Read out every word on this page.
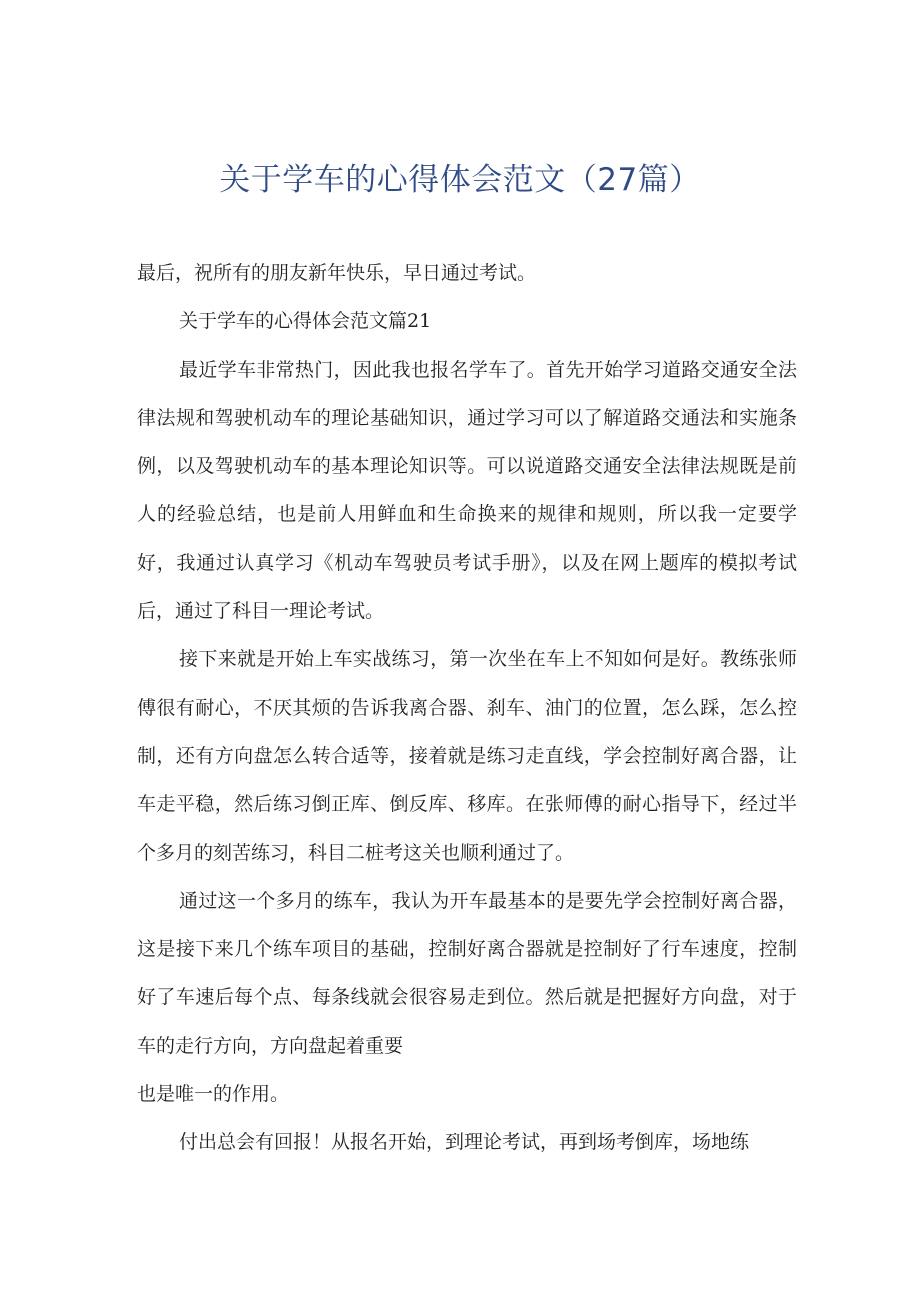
关于学车的心得体会范文（27篇）

最后，祝所有的朋友新年快乐，早日通过考试。

关于学车的心得体会范文篇21

最近学车非常热门，因此我也报名学车了。首先开始学习道路交通安全法律法规和驾驶机动车的理论基础知识，通过学习可以了解道路交通法和实施条例，以及驾驶机动车的基本理论知识等。可以说道路交通安全法律法规既是前人的经验总结，也是前人用鲜血和生命换来的规律和规则，所以我一定要学好，我通过认真学习《机动车驾驶员考试手册》，以及在网上题库的模拟考试后，通过了科目一理论考试。

接下来就是开始上车实战练习，第一次坐在车上不知如何是好。教练张师傅很有耐心，不厌其烦的告诉我离合器、刹车、油门的位置，怎么踩，怎么控制，还有方向盘怎么转合适等，接着就是练习走直线，学会控制好离合器，让车走平稳，然后练习倒正库、倒反库、移库。在张师傅的耐心指导下，经过半个多月的刻苦练习，科目二桩考这关也顺利通过了。

通过这一个多月的练车，我认为开车最基本的是要先学会控制好离合器，这是接下来几个练车项目的基础，控制好离合器就是控制好了行车速度，控制好了车速后每个点、每条线就会很容易走到位。然后就是把握好方向盘，对于车的走行方向，方向盘起着重要

也是唯一的作用。

付出总会有回报！从报名开始，到理论考试，再到场考倒库，场地练
